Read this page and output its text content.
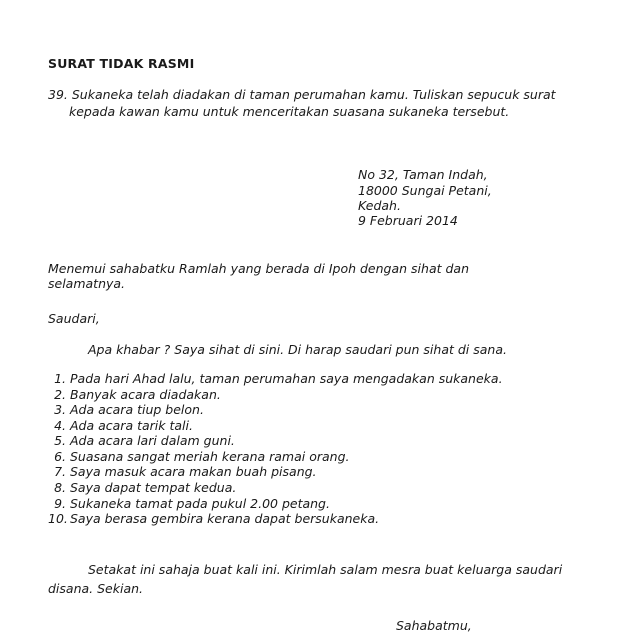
SURAT TIDAK RASMI
39. Sukaneka telah diadakan di taman perumahan kamu. Tuliskan sepucuk surat
kepada kawan kamu untuk menceritakan suasana sukaneka tersebut.
No 32, Taman Indah,
18000 Sungai Petani,
Kedah.
9 Februari 2014
Menemui sahabatku Ramlah yang berada di Ipoh dengan sihat dan
selamatnya.
Saudari,
Apa khabar ? Saya sihat di sini. Di harap saudari pun sihat di sana.
1. Pada hari Ahad lalu, taman perumahan saya mengadakan sukaneka.
2. Banyak acara diadakan.
3. Ada acara tiup belon.
4. Ada acara tarik tali.
5. Ada acara lari dalam guni.
6. Suasana sangat meriah kerana ramai orang.
7. Saya masuk acara makan buah pisang.
8. Saya dapat tempat kedua.
9. Sukaneka tamat pada pukul 2.00 petang.
10. Saya berasa gembira kerana dapat bersukaneka.
Setakat ini sahaja buat kali ini. Kirimlah salam mesra buat keluarga saudari
disana. Sekian.
Sahabatmu,
